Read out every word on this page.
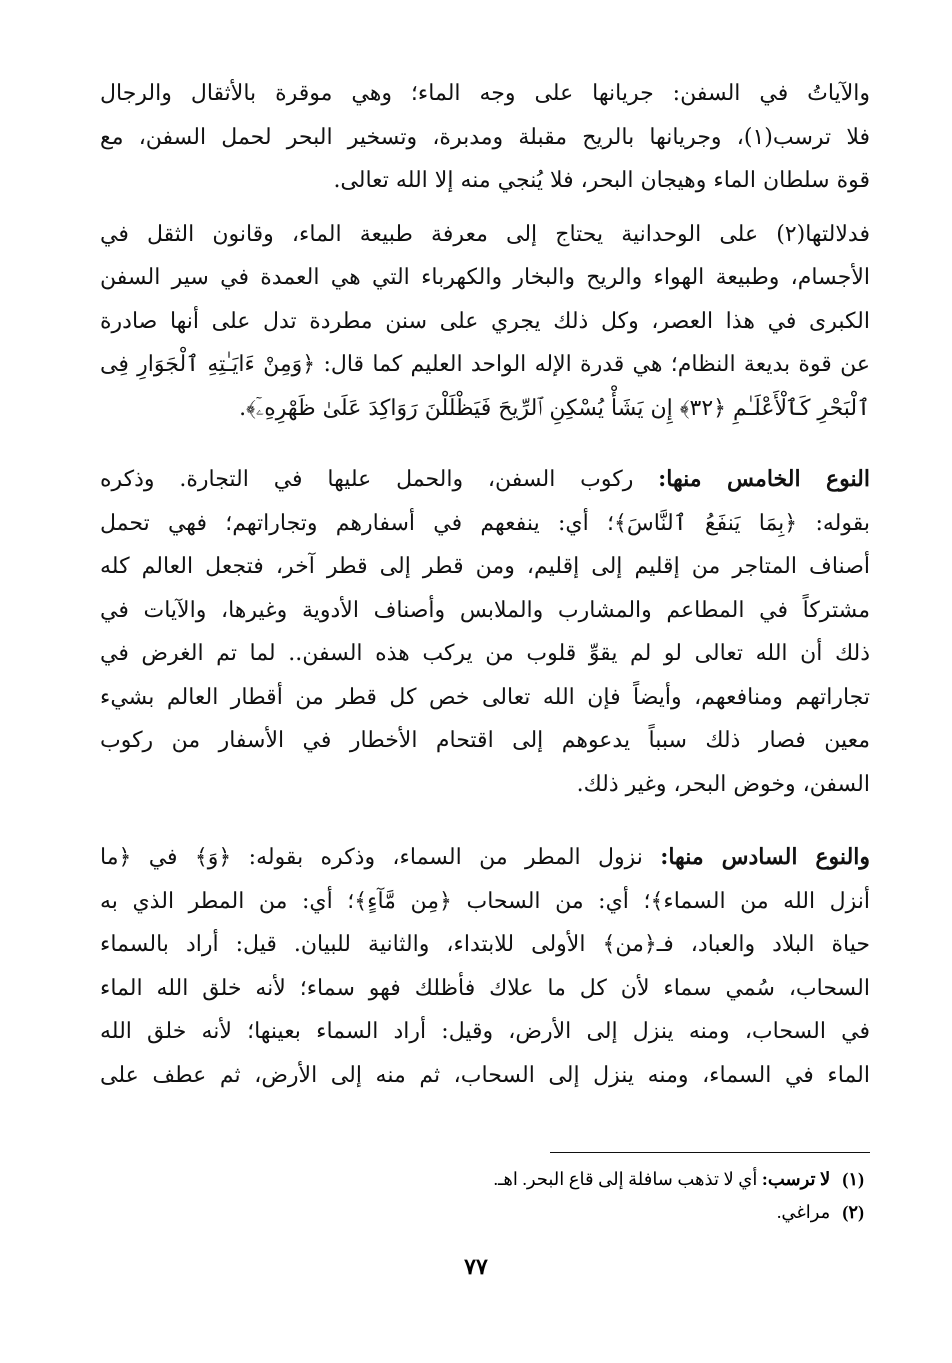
والآياتُ في السفن: جريانها على وجه الماء؛ وهي موقرة بالأثقال والرجال
فلا ترسب(١)، وجريانها بالريح مقبلة ومدبرة، وتسخير البحر لحمل السفن، مع
قوة سلطان الماء وهيجان البحر، فلا يُنجي منه إلا الله تعالى.
فدلالتها(٢) على الوحدانية يحتاج إلى معرفة طبيعة الماء، وقانون الثقل في
الأجسام، وطبيعة الهواء والريح والبخار والكهرباء التي هي العمدة في سير السفن
الكبرى في هذا العصر، وكل ذلك يجري على سنن مطردة تدل على أنها صادرة
عن قوة بديعة النظام؛ هي قدرة الإله الواحد العليم كما قال: ﴿وَمِنْ ءَايَـٰتِهِ ٱلْجَوَارِ فِى
ٱلْبَحْرِ كَٱلْأَعْلَـٰمِ ﴿٣٢﴾ إِن يَشَأْ يُسْكِنِ ٱلرِّيحَ فَيَظْلَلْنَ رَوَاكِدَ عَلَىٰ ظَهْرِهِۦٓ﴾.
النوع الخامس منها: ركوب السفن، والحمل عليها في التجارة. وذكره
بقوله: ﴿بِمَا يَنفَعُ ٱلنَّاسَ﴾؛ أي: ينفعهم في أسفارهم وتجاراتهم؛ فهي تحمل
أصناف المتاجر من إقليم إلى إقليم، ومن قطر إلى قطر آخر، فتجعل العالم كله
مشتركاً في المطاعم والمشارب والملابس وأصناف الأدوية وغيرها، والآيات في
ذلك أن الله تعالى لو لم يقوِّ قلوب من يركب هذه السفن.. لما تم الغرض في
تجاراتهم ومنافعهم، وأيضاً فإن الله تعالى خص كل قطر من أقطار العالم بشيء
معين فصار ذلك سبباً يدعوهم إلى اقتحام الأخطار في الأسفار من ركوب
السفن، وخوض البحر، وغير ذلك.
والنوع السادس منها: نزول المطر من السماء، وذكره بقوله: ﴿وَ﴾ في ﴿ما
أنزل الله من السماء﴾؛ أي: من السحاب ﴿مِن مَّآءٍ﴾؛ أي: من المطر الذي به
حياة البلاد والعباد، فـ﴿من﴾ الأولى للابتداء، والثانية للبيان. قيل: أراد بالسماء
السحاب، سُمي سماء لأن كل ما علاك فأظلك فهو سماء؛ لأنه خلق الله الماء
في السحاب، ومنه ينزل إلى الأرض، وقيل: أراد السماء بعينها؛ لأنه خلق الله
الماء في السماء، ومنه ينزل إلى السحاب، ثم منه إلى الأرض، ثم عطف على
(١)لا ترسب: أي لا تذهب سافلة إلى قاع البحر. اهـ.
(٢)مراغي.
٧٧
